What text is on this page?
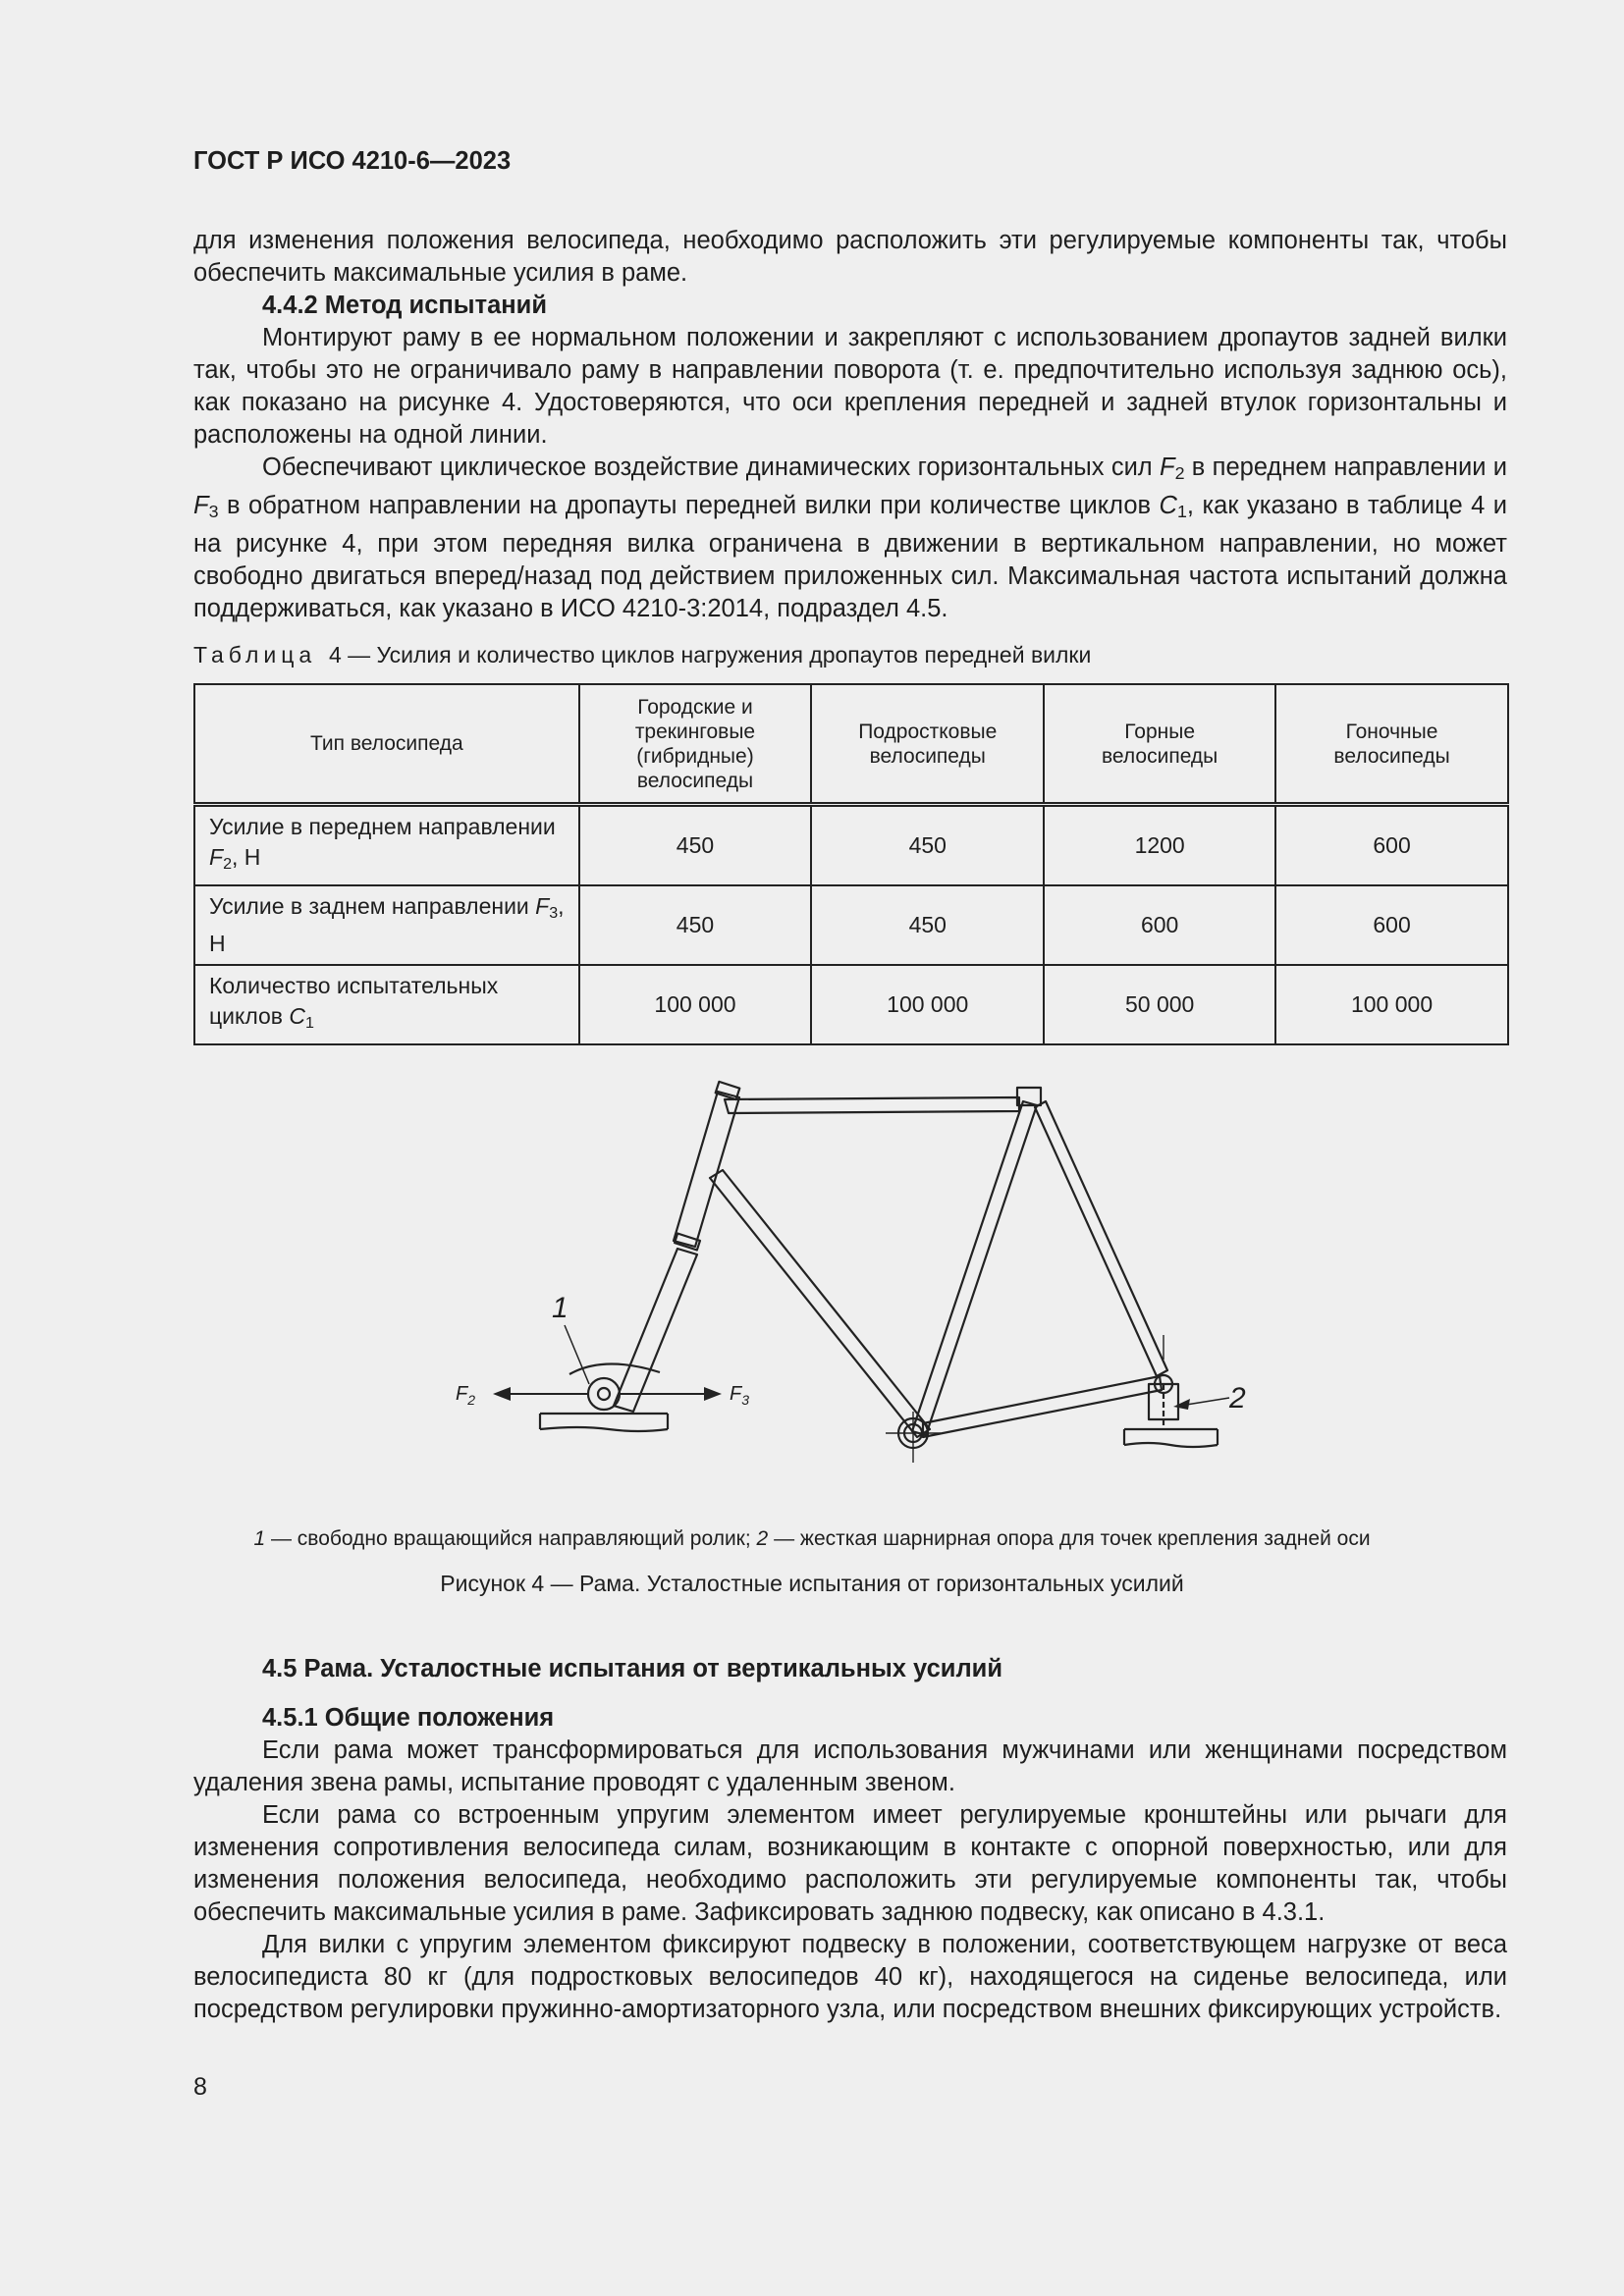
ГОСТ Р ИСО 4210-6—2023

для изменения положения велосипеда, необходимо расположить эти регулируемые компоненты так, чтобы обеспечить максимальные усилия в раме.

4.4.2 Метод испытаний

Монтируют раму в ее нормальном положении и закрепляют с использованием дропаутов задней вилки так, чтобы это не ограничивало раму в направлении поворота (т. е. предпочтительно используя заднюю ось), как показано на рисунке 4. Удостоверяются, что оси крепления передней и задней втулок горизонтальны и расположены на одной линии.

Обеспечивают циклическое воздействие динамических горизонтальных сил $F_2$ в переднем направлении и $F_3$ в обратном направлении на дропауты передней вилки при количестве циклов $C_1$, как указано в таблице 4 и на рисунке 4, при этом передняя вилка ограничена в движении в вертикальном направлении, но может свободно двигаться вперед/назад под действием приложенных сил. Максимальная частота испытаний должна поддерживаться, как указано в ИСО 4210-3:2014, подраздел 4.5.

Таблица 4 — Усилия и количество циклов нагружения дропаутов передней вилки
Тип велосипеда	Городские и трекинговые (гибридные) велосипеды	Подростковые велосипеды	Горные велосипеды	Гоночные велосипеды
Усилие в переднем направлении $F_2$, Н	450	450	1200	600
Усилие в заднем направлении $F_3$, Н	450	450	600	600
Количество испытательных циклов $C_1$	100 000	100 000	50 000	100 000
1
2
$F_2$	$F_3$
1 — свободно вращающийся направляющий ролик; 2 — жесткая шарнирная опора для точек крепления задней оси
Рисунок 4 — Рама. Усталостные испытания от горизонтальных усилий

4.5 Рама. Усталостные испытания от вертикальных усилий

4.5.1 Общие положения

Если рама может трансформироваться для использования мужчинами или женщинами посредством удаления звена рамы, испытание проводят с удаленным звеном.

Если рама со встроенным упругим элементом имеет регулируемые кронштейны или рычаги для изменения сопротивления велосипеда силам, возникающим в контакте с опорной поверхностью, или для изменения положения велосипеда, необходимо расположить эти регулируемые компоненты так, чтобы обеспечить максимальные усилия в раме. Зафиксировать заднюю подвеску, как описано в 4.3.1.

Для вилки с упругим элементом фиксируют подвеску в положении, соответствующем нагрузке от веса велосипедиста 80 кг (для подростковых велосипедов 40 кг), находящегося на сиденье велосипеда, или посредством регулировки пружинно-амортизаторного узла, или посредством внешних фиксирующих устройств.

8
